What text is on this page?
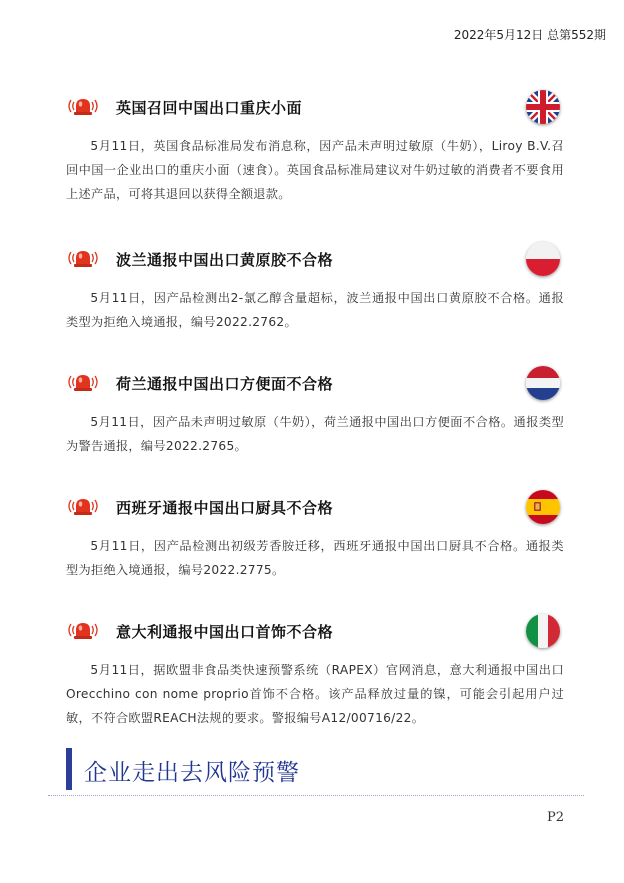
2022年5月12日 总第552期
英国召回中国出口重庆小面
5月11日，英国食品标准局发布消息称，因产品未声明过敏原（牛奶），Liroy B.V.召回中国一企业出口的重庆小面（速食）。英国食品标准局建议对牛奶过敏的消费者不要食用上述产品，可将其退回以获得全额退款。
波兰通报中国出口黄原胶不合格
5月11日，因产品检测出2-氯乙醇含量超标，波兰通报中国出口黄原胶不合格。通报类型为拒绝入境通报，编号2022.2762。
荷兰通报中国出口方便面不合格
5月11日，因产品未声明过敏原（牛奶），荷兰通报中国出口方便面不合格。通报类型为警告通报，编号2022.2765。
西班牙通报中国出口厨具不合格
5月11日，因产品检测出初级芳香胺迁移，西班牙通报中国出口厨具不合格。通报类型为拒绝入境通报，编号2022.2775。
意大利通报中国出口首饰不合格
5月11日，据欧盟非食品类快速预警系统（RAPEX）官网消息，意大利通报中国出口Orecchino con nome proprio首饰不合格。该产品释放过量的镍，可能会引起用户过敏，不符合欧盟REACH法规的要求。警报编号A12/00716/22。
企业走出去风险预警
P2
